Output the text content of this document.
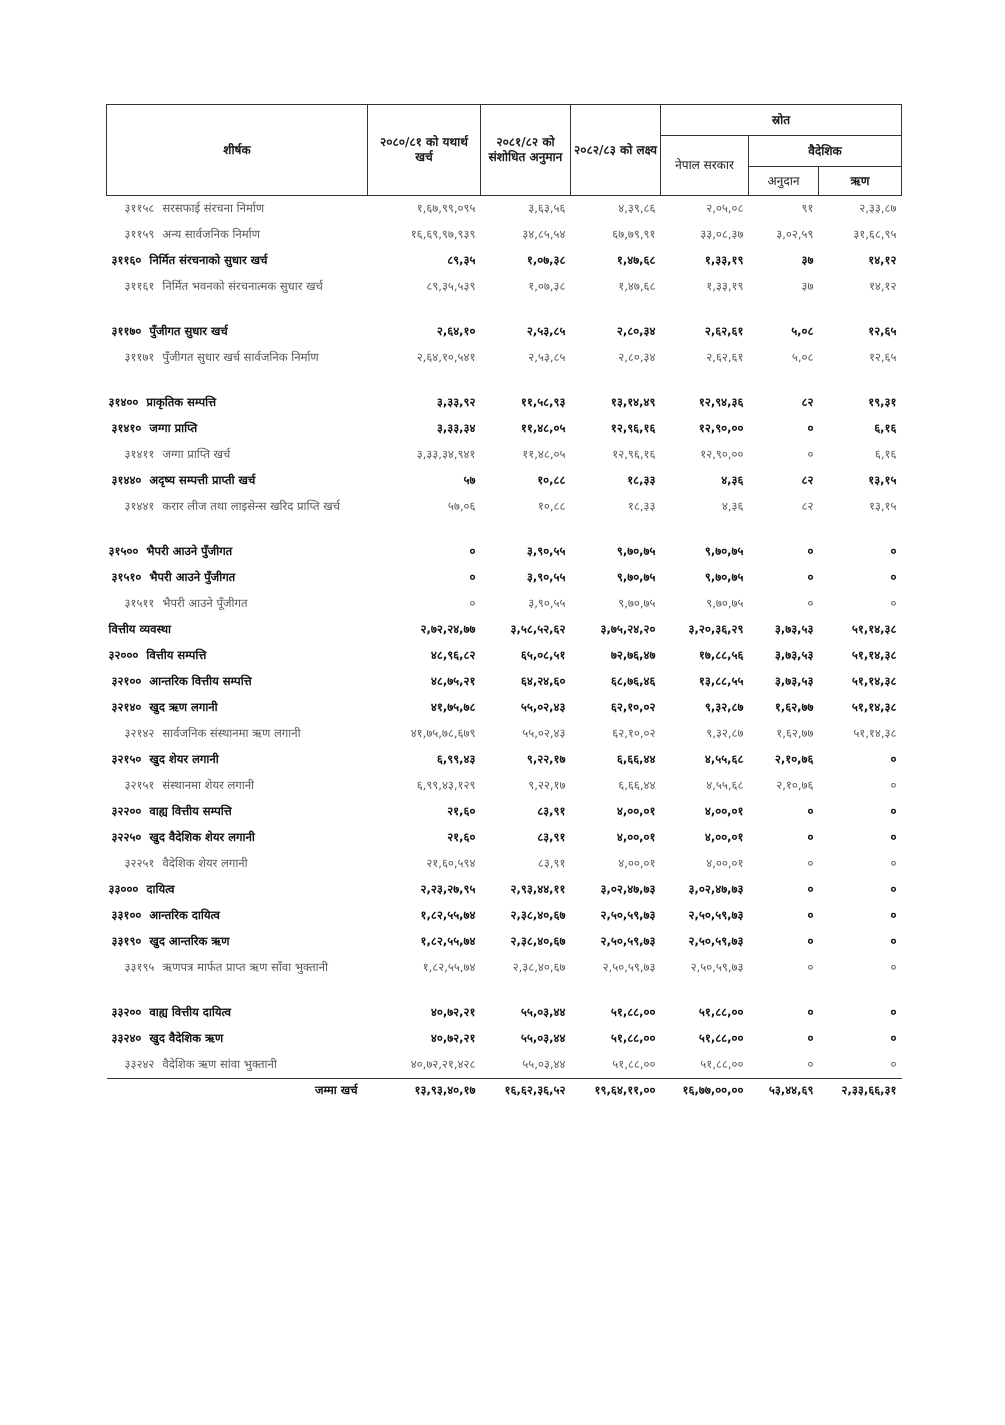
शीर्षक	२०८०/८१ को यथार्थ खर्च	२०८१/८२ को संशोधित अनुमान	२०८२/८३ को लक्ष्य	स्रोत		
				नेपाल सरकार	वैदेशिक	
					अनुदान	ऋण
३११५८ सरसफाई संरचना निर्माण	१,६७,९९,०९५	३,६३,५६	४,३९,८६	२,०५,०८	९१	२,३३,८७
३११५९ अन्य सार्वजनिक निर्माण	१६,६९,९७,९३९	३४,८५,५४	६७,७९,९१	३३,०८,३७	३,०२,५९	३१,६८,९५
३११६० निर्मित संरचनाको सुधार खर्च	८९,३५	१,०७,३८	१,४७,६८	१,३३,१९	३७	१४,१२
३११६१ निर्मित भवनको संरचनात्मक सुधार खर्च	८९,३५,५३९	१,०७,३८	१,४७,६८	१,३३,१९	३७	१४,१२
३११७० पुँजीगत सुधार खर्च	२,६४,१०	२,५३,८५	२,८०,३४	२,६२,६१	५,०८	१२,६५
३११७१ पुँजीगत सुधार खर्च सार्वजनिक निर्माण	२,६४,१०,५४१	२,५३,८५	२,८०,३४	२,६२,६१	५,०८	१२,६५
३१४०० प्राकृतिक सम्पत्ति	३,३३,९२	११,५८,९३	१३,१४,४९	१२,९४,३६	८२	१९,३१
३१४१० जग्गा प्राप्ति	३,३३,३४	११,४८,०५	१२,९६,१६	१२,९०,००	०	६,१६
३१४११ जग्गा प्राप्ति खर्च	३,३३,३४,९४१	११,४८,०५	१२,९६,१६	१२,९०,००	०	६,१६
३१४४० अदृष्य सम्पत्ती प्राप्ती खर्च	५७	१०,८८	१८,३३	४,३६	८२	१३,१५
३१४४१ करार लीज तथा लाइसेन्स खरिद प्राप्ति खर्च	५७,०६	१०,८८	१८,३३	४,३६	८२	१३,१५
३१५०० भैपरी आउने पुँजीगत	०	३,९०,५५	९,७०,७५	९,७०,७५	०	०
३१५१० भैपरी आउने पुँजीगत	०	३,९०,५५	९,७०,७५	९,७०,७५	०	०
३१५११ भैपरी आउने पूँजीगत	०	३,९०,५५	९,७०,७५	९,७०,७५	०	०
वित्तीय व्यवस्था	२,७२,२४,७७	३,५८,५२,६२	३,७५,२४,२०	३,२०,३६,२९	३,७३,५३	५१,१४,३८
३२००० वित्तीय सम्पत्ति	४८,९६,८२	६५,०८,५१	७२,७६,४७	१७,८८,५६	३,७३,५३	५१,१४,३८
३२१०० आन्तरिक वित्तीय सम्पत्ति	४८,७५,२१	६४,२४,६०	६८,७६,४६	१३,८८,५५	३,७३,५३	५१,१४,३८
३२१४० खुद ऋण लगानी	४१,७५,७८	५५,०२,४३	६२,१०,०२	९,३२,८७	१,६२,७७	५१,१४,३८
३२१४२ सार्वजनिक संस्थानमा ऋण लगानी	४१,७५,७८,६७९	५५,०२,४३	६२,१०,०२	९,३२,८७	१,६२,७७	५१,१४,३८
३२१५० खुद शेयर लगानी	६,९९,४३	९,२२,१७	६,६६,४४	४,५५,६८	२,१०,७६	०
३२१५१ संस्थानमा शेयर लगानी	६,९९,४३,१२९	९,२२,१७	६,६६,४४	४,५५,६८	२,१०,७६	०
३२२०० वाह्य वित्तीय सम्पत्ति	२१,६०	८३,९१	४,००,०१	४,००,०१	०	०
३२२५० खुद वैदेशिक शेयर लगानी	२१,६०	८३,९१	४,००,०१	४,००,०१	०	०
३२२५१ वैदेशिक शेयर लगानी	२१,६०,५९४	८३,९१	४,००,०१	४,००,०१	०	०
३३००० दायित्व	२,२३,२७,९५	२,९३,४४,११	३,०२,४७,७३	३,०२,४७,७३	०	०
३३१०० आन्तरिक दायित्व	१,८२,५५,७४	२,३८,४०,६७	२,५०,५९,७३	२,५०,५९,७३	०	०
३३१९० खुद आन्तरिक ऋण	१,८२,५५,७४	२,३८,४०,६७	२,५०,५९,७३	२,५०,५९,७३	०	०
३३१९५ ऋणपत्र मार्फत प्राप्त ऋण साँवा भुक्तानी	१,८२,५५,७४	२,३८,४०,६७	२,५०,५९,७३	२,५०,५९,७३	०	०
३३२०० वाह्य वित्तीय दायित्व	४०,७२,२१	५५,०३,४४	५१,८८,००	५१,८८,००	०	०
३३२४० खुद वैदेशिक ऋण	४०,७२,२१	५५,०३,४४	५१,८८,००	५१,८८,००	०	०
३३२४२ वैदेशिक ऋण सांवा भुक्तानी	४०,७२,२१,४२८	५५,०३,४४	५१,८८,००	५१,८८,००	०	०
जम्मा खर्च	१३,९३,४०,१७	१६,६२,३६,५२	१९,६४,११,००	१६,७७,००,००	५३,४४,६९	२,३३,६६,३१
